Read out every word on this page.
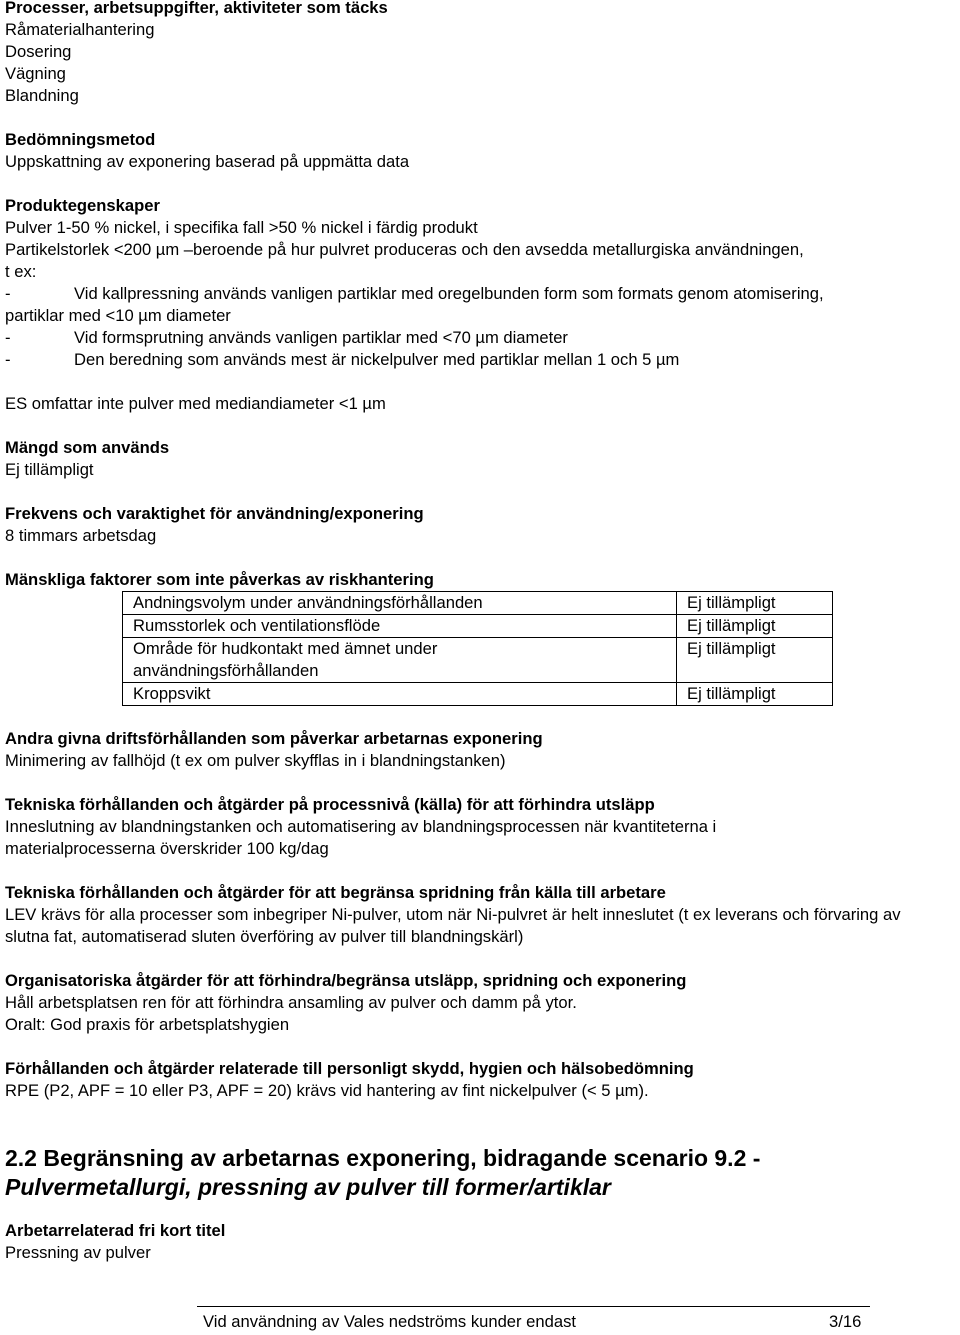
Processer, arbetsuppgifter, aktiviteter som täcks
Råmaterialhantering
Dosering
Vägning
Blandning
Bedömningsmetod
Uppskattning av exponering baserad på uppmätta data
Produktegenskaper
Pulver 1-50 % nickel, i specifika fall >50 % nickel i färdig produkt
Partikelstorlek <200 µm –beroende på hur pulvret produceras och den avsedda metallurgiska användningen,
t ex:
-	Vid kallpressning används vanligen partiklar med oregelbunden form som formats genom atomisering,
partiklar med <10 µm diameter
-	Vid formsprutning används vanligen partiklar med <70 µm diameter
-	Den beredning som används mest är nickelpulver med partiklar mellan 1 och 5 µm
ES omfattar inte pulver med mediandiameter <1 µm
Mängd som används
Ej tillämpligt
Frekvens och varaktighet för användning/exponering
8 timmars arbetsdag
Mänskliga faktorer som inte påverkas av riskhantering
Andningsvolym under användningsförhållanden	Ej tillämpligt
Rumsstorlek och ventilationsflöde	Ej tillämpligt
Område för hudkontakt med ämnet under användningsförhållanden	Ej tillämpligt
Kroppsvikt	Ej tillämpligt
Andra givna driftsförhållanden som påverkar arbetarnas exponering
Minimering av fallhöjd (t ex om pulver skyfflas in i blandningstanken)
Tekniska förhållanden och åtgärder på processnivå (källa) för att förhindra utsläpp
Inneslutning av blandningstanken och automatisering av blandningsprocessen när kvantiteterna i materialprocesserna överskrider 100 kg/dag
Tekniska förhållanden och åtgärder för att begränsa spridning från källa till arbetare
LEV krävs för alla processer som inbegriper Ni-pulver, utom när Ni-pulvret är helt inneslutet (t ex leverans och förvaring av slutna fat, automatiserad sluten överföring av pulver till blandningskärl)
Organisatoriska åtgärder för att förhindra/begränsa utsläpp, spridning och exponering
Håll arbetsplatsen ren för att förhindra ansamling av pulver och damm på ytor.
Oralt: God praxis för arbetsplatshygien
Förhållanden och åtgärder relaterade till personligt skydd, hygien och hälsobedömning
RPE (P2, APF = 10 eller P3, APF = 20) krävs vid hantering av fint nickelpulver (< 5 µm).
2.2 Begränsning av arbetarnas exponering, bidragande scenario 9.2 -
Pulvermetallurgi, pressning av pulver till former/artiklar
Arbetarrelaterad fri kort titel
Pressning av pulver
Vid användning av Vales nedströms kunder endast	3/16
